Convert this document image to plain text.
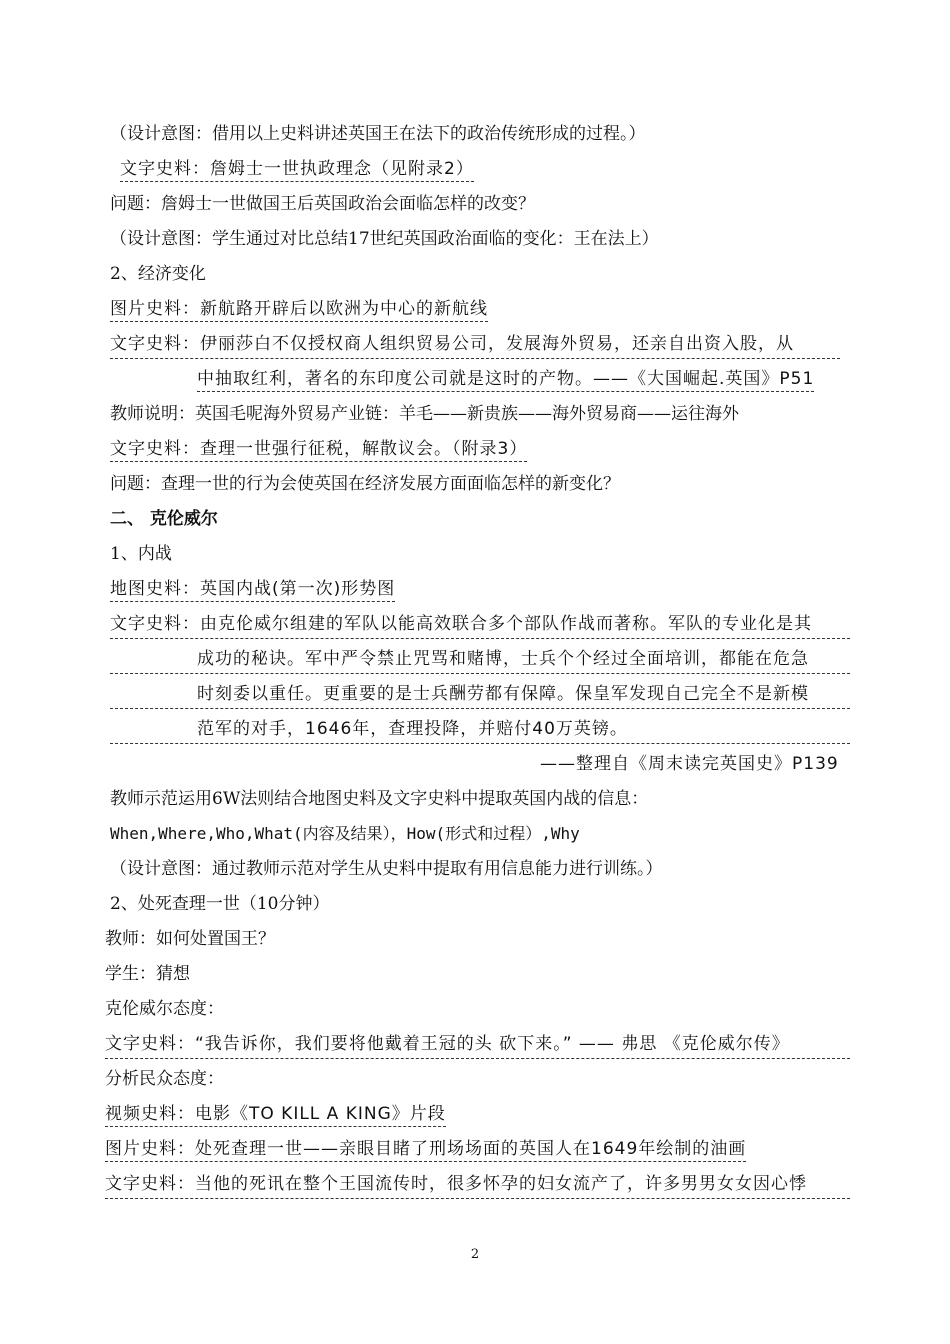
（设计意图：借用以上史料讲述英国王在法下的政治传统形成的过程。）
文字史料：詹姆士一世执政理念（见附录2）
问题：詹姆士一世做国王后英国政治会面临怎样的改变？
（设计意图：学生通过对比总结17世纪英国政治面临的变化：王在法上）
2、经济变化
图片史料：新航路开辟后以欧洲为中心的新航线
文字史料：伊丽莎白不仅授权商人组织贸易公司，发展海外贸易，还亲自出资入股，从
中抽取红利，著名的东印度公司就是这时的产物。——《大国崛起.英国》P51
教师说明：英国毛呢海外贸易产业链：羊毛——新贵族——海外贸易商——运往海外
文字史料：查理一世强行征税，解散议会。（附录3）
问题：查理一世的行为会使英国在经济发展方面面临怎样的新变化？
二、 克伦威尔
1、内战
地图史料：英国内战(第一次)形势图
文字史料：由克伦威尔组建的军队以能高效联合多个部队作战而著称。军队的专业化是其
成功的秘诀。军中严令禁止咒骂和赌博，士兵个个经过全面培训，都能在危急
时刻委以重任。更重要的是士兵酬劳都有保障。保皇军发现自己完全不是新模
范军的对手，1646年，查理投降，并赔付40万英镑。
——整理自《周末读完英国史》P139
教师示范运用6W法则结合地图史料及文字史料中提取英国内战的信息：
When,Where,Who,What(内容及结果），How(形式和过程）,Why
（设计意图：通过教师示范对学生从史料中提取有用信息能力进行训练。）
2、处死查理一世（10分钟）
教师：如何处置国王？
学生：猜想
克伦威尔态度：
文字史料：“我告诉你，我们要将他戴着王冠的头 砍下来。” —— 弗思 《克伦威尔传》
分析民众态度：
视频史料：电影《TO KILL A KING》片段
图片史料：处死查理一世——亲眼目睹了刑场场面的英国人在1649年绘制的油画
文字史料：当他的死讯在整个王国流传时，很多怀孕的妇女流产了，许多男男女女因心悸
2
